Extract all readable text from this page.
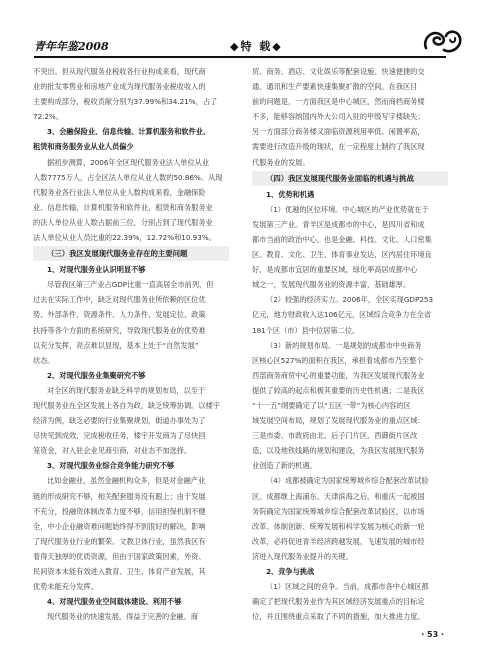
青年年鉴2008	◆特 载◆

不突出。但从现代服务业税收各行业构成来看，现代商

业的批发零售业和房地产业成为现代服务业税收收入的

主要构成部分，税收贡献分别为37.99%和34.21%，占了

72.2%。

3、会融保险业、信息传输、计算机服务和软件业、

租赁和商务服务业从业人员偏少

据初步测算，2006年全区现代服务业法人单位从业

人数7775万人，占全区法人单位从业人数的50.86%。从现

代服务业各行业法人单位从业人数构成来看，金融保险

业、信息传输、计算机服务和软件业、租赁和商务服务业

的法人单位从业人数占据前三位，分别占到了现代服务业

法人单位从业人员比重的22.39%，12.72%和10.93%。

（三）我区发展现代服务业存在的主要问题

1、对现代服务业认识明显不够

尽管我区第三产业占GDP比重一直高居全市前列，但

过去在实际工作中，缺乏对现代服务业所依赖的区位优

势、外部条件、资源条件、人力条件、发展定位、政策

扶持等各个方面的系统研究，导致现代服务业的优势难

以充分发挥，亮点难以显现，基本上处于“自然发展”

状态。

2、对现代服务业集聚研究不够

对全区的现代服务业缺乏科学的规划布局，以至于

现代服务业在全区发展上各自为政，缺乏统筹协调。以楼宇

经济为例，缺乏必要的行业集聚规划，街道办事处为了

尽快见到成效，完成税收任务，楼宇开发商为了尽快回

笼资金，对入驻企业见商引商，对业态不加选择。

3、对现代服务业综合竞争能力研究不够

比如金融业，虽然金融机构众多，但是对金融产业

链的形成研究不够，相关配套服务没有跟上；由于发展

不充分，投融资体制改革力度不够，信用担保机制不健

全，中小企业融资难问题始终得不到很好的解决，影响

了现代服务业行业的繁荣。文教卫体行业，虽然我区有

着得天独厚的优质资源，但由于国家政策因素，外资、

民间资本未能有效进入教育、卫生、体育产业发展，其

优势未能充分发挥。

4、对现代服务业空间载体建设、利用不够

现代服务业的快速发展，得益于完善的金融、商

贸、商务、酒店、文化娱乐等配套设施、快速便捷的交

通、通讯和生产要素快速集聚扩散的空间。在我区目

前的问题是，一方面我区是中心城区，然而商档商务楼

不多，能够容纳国内外大公司入驻的甲级写字楼缺失；

另一方面部分商务楼又面临资源利用率低、闲置率高，

需要进行改造升级的现状，在一定程度上制约了我区现

代服务业的发展。

（四）我区发展现代服务业面临的机遇与挑战

1、优势和机遇

（1）优越的区位环境。中心城区的产业优势就在于

发展第三产业。青羊区是成都市的中心，是四川省和成

都市当前的政治中心，也是金融、科技、文化、人口密集

区、教育、文化、卫生、体育事业发达，区内居住环境良

好，是成都市宜居的重要区域，绿化率高居成都中心

城之一，发展现代服务业的资源丰富，基础雄厚。

（2）较强的经济实力。2006年，全区实现GDP253

亿元，地方财政收入达106亿元，区域综合竞争力在全省

181个区（市）县中位居第二位。

（3）新的规划布局。一是规划的成都市中央商务

区核心区527%的面积在我区，承担着成都市乃至整个

西部商务商贸中心的重要功能，为我区发展现代服务业

提供了较高的起点和极其重要的历史性机遇；二是我区

“十一五”纲要确定了以“五区一带”为核心内容的区

域发展空间布局，规划了发展现代服务业的重点区域：

三是市委、市政府由北、后子门片区、西御街片区改

造，以及地铁线路的规划和建设，为我区发展现代服务

业创造了新的机遇。

（4）成都被确定为国家统筹城乡综合配套改革试验

区。成都继上海浦东、天津滨海之后，和重庆一起被国

务院确定为国家统筹城乡综合配套改革试验区，以市场

改革、体制创新、统筹发展和科学发展为核心的新一轮

改革，必将促进青羊经济跨越发展，飞速发展的城市经

济进入现代服务业提升的关键。

2、竞争与挑战

（1）区域之间的竞争。当前，成都市各中心城区都

确定了把现代服务业作为其区域经济发展重点的目标定

位，并且围绕重点采取了不同的措施，加大推进力度。

· 53 ·
